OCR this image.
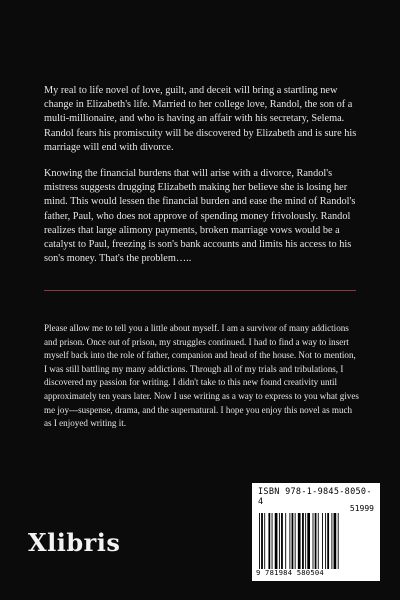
My real to life novel of love, guilt, and deceit will bring a startling new change in Elizabeth's life. Married to her college love, Randol, the son of a multi-millionaire, and who is having an affair with his secretary, Selema. Randol fears his promiscuity will be discovered by Elizabeth and is sure his marriage will end with divorce.

Knowing the financial burdens that will arise with a divorce, Randol's mistress suggests drugging Elizabeth making her believe she is losing her mind. This would lessen the financial burden and ease the mind of Randol's father, Paul, who does not approve of spending money frivolously. Randol realizes that large alimony payments, broken marriage vows would be a catalyst to Paul, freezing is son's bank accounts and limits his access to his son's money. That's the problem…..

Please allow me to tell you a little about myself. I am a survivor of many addictions and prison. Once out of prison, my struggles continued. I had to find a way to insert myself back into the role of father, companion and head of the house. Not to mention, I was still battling my many addictions. Through all of my trials and tribulations, I discovered my passion for writing. I didn't take to this new found creativity until approximately ten years later. Now I use writing as a way to express to you what gives me joy---suspense, drama, and the supernatural. I hope you enjoy this novel as much as I enjoyed writing it.

Xlibris
ISBN 978-1-9845-8050-4
51999
9 781984 580504
